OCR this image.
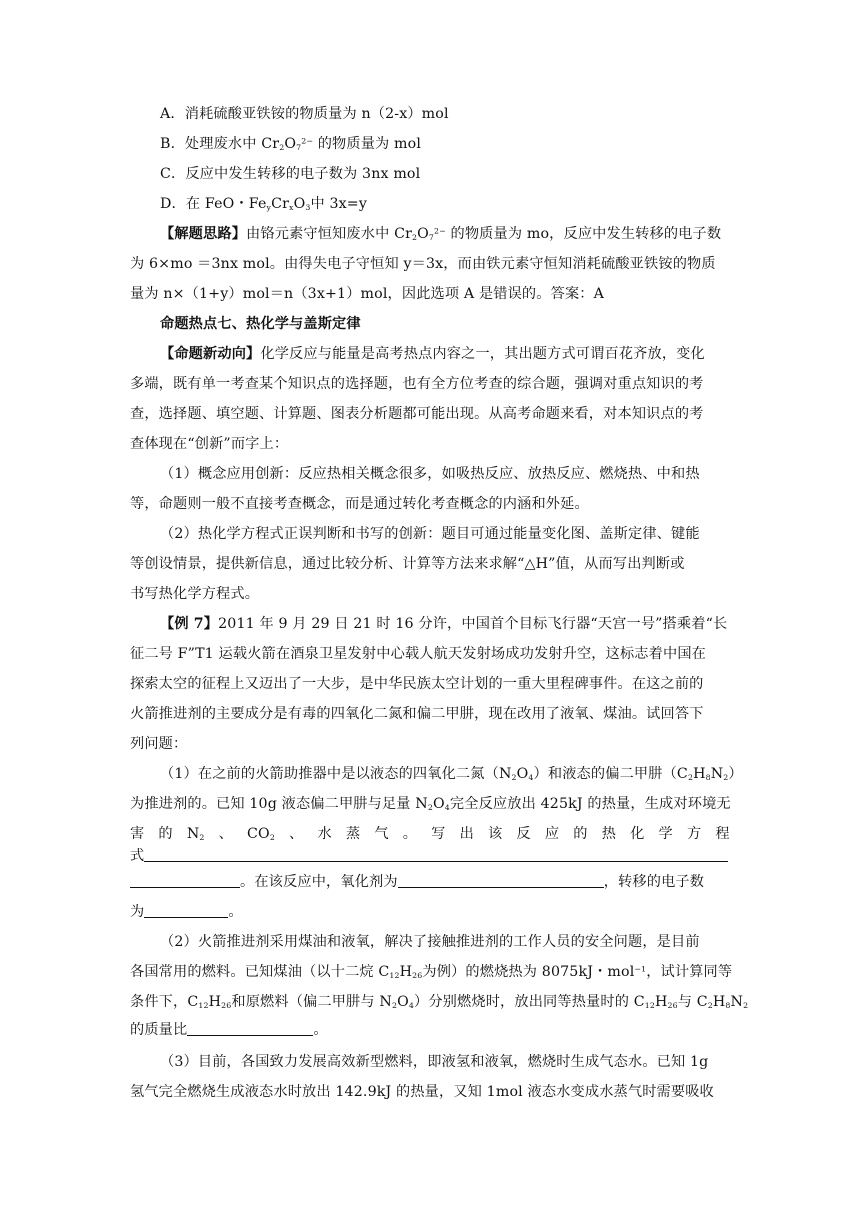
A．消耗硫酸亚铁铵的物质量为 n（2-x）mol
B．处理废水中 $Cr_2O_7^{2-}$ 的物质量为 mol
C．反应中发生转移的电子数为 3nx mol
D．在 FeO・$Fe_yCr_xO_3$中 3x=y
【解题思路】由铬元素守恒知废水中 $Cr_2O_7^{2-}$ 的物质量为 mo，反应中发生转移的电子数
为 6×mo ＝3nx mol。由得失电子守恒知 y＝3x，而由铁元素守恒知消耗硫酸亚铁铵的物质
量为 n×（1+y）mol＝n（3x+1）mol，因此选项 A 是错误的。答案：A
命题热点七、热化学与盖斯定律
【命题新动向】化学反应与能量是高考热点内容之一，其出题方式可谓百花齐放，变化
多端，既有单一考查某个知识点的选择题，也有全方位考查的综合题，强调对重点知识的考
查，选择题、填空题、计算题、图表分析题都可能出现。从高考命题来看，对本知识点的考
查体现在“创新”而字上：
（1）概念应用创新：反应热相关概念很多，如吸热反应、放热反应、燃烧热、中和热
等，命题则一般不直接考查概念，而是通过转化考查概念的内涵和外延。
（2）热化学方程式正误判断和书写的创新：题目可通过能量变化图、盖斯定律、键能
等创设情景，提供新信息，通过比较分析、计算等方法来求解“△H”值，从而写出判断或
书写热化学方程式。
【例 7】2011 年 9 月 29 日 21 时 16 分许，中国首个目标飞行器“天宫一号”搭乘着“长
征二号 F”T1 运载火箭在酒泉卫星发射中心载人航天发射场成功发射升空，这标志着中国在
探索太空的征程上又迈出了一大步，是中华民族太空计划的一重大里程碑事件。在这之前的
火箭推进剂的主要成分是有毒的四氧化二氮和偏二甲肼，现在改用了液氧、煤油。试回答下
列问题：
（1）在之前的火箭助推器中是以液态的四氧化二氮$(N_2O_4)$和液态的偏二甲肼$(C_2H_8N_2)$
为推进剂的。已知 10g 液态偏二甲肼与足量 $N_2O_4$完全反应放出 425kJ 的热量，生成对环境无
害 的 $N_2$ 、 $CO_2$ 、 水 蒸 气 。 写 出 该 反 应 的 热 化 学 方 程
式
。在该反应中，氧化剂为	，转移的电子数
为	。
（2）火箭推进剂采用煤油和液氧，解决了接触推进剂的工作人员的安全问题，是目前
各国常用的燃料。已知煤油（以十二烷 $C_{12}H_{26}$为例）的燃烧热为 8075kJ・mol$^{-1}$，试计算同等
条件下，$C_{12}H_{26}$和原燃料（偏二甲肼与 $N_2O_4$）分别燃烧时，放出同等热量时的 $C_{12}H_{26}$与 $C_2H_8N_2$
的质量比	。
（3）目前，各国致力发展高效新型燃料，即液氢和液氧，燃烧时生成气态水。已知 1g
氢气完全燃烧生成液态水时放出 142.9kJ 的热量，又知 1mol 液态水变成水蒸气时需要吸收
